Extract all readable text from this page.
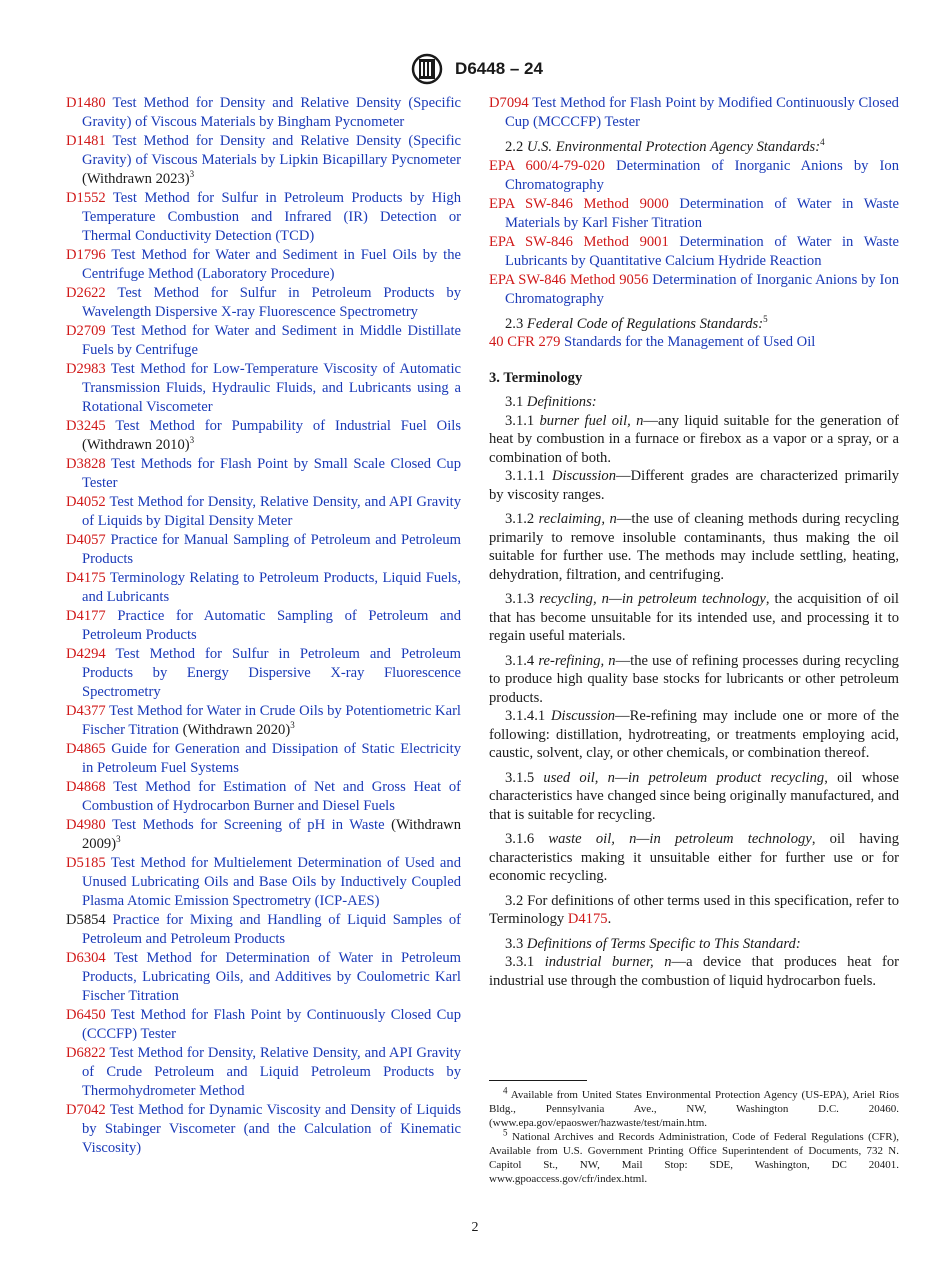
D6448 – 24

D1480 Test Method for Density and Relative Density (Specific Gravity) of Viscous Materials by Bingham Pycnometer

D1481 Test Method for Density and Relative Density (Specific Gravity) of Viscous Materials by Lipkin Bicapillary Pycnometer (Withdrawn 2023)$^3$

D1552 Test Method for Sulfur in Petroleum Products by High Temperature Combustion and Infrared (IR) Detection or Thermal Conductivity Detection (TCD)

D1796 Test Method for Water and Sediment in Fuel Oils by the Centrifuge Method (Laboratory Procedure)

D2622 Test Method for Sulfur in Petroleum Products by Wavelength Dispersive X-ray Fluorescence Spectrometry

D2709 Test Method for Water and Sediment in Middle Distillate Fuels by Centrifuge

D2983 Test Method for Low-Temperature Viscosity of Automatic Transmission Fluids, Hydraulic Fluids, and Lubricants using a Rotational Viscometer

D3245 Test Method for Pumpability of Industrial Fuel Oils (Withdrawn 2010)$^3$

D3828 Test Methods for Flash Point by Small Scale Closed Cup Tester

D4052 Test Method for Density, Relative Density, and API Gravity of Liquids by Digital Density Meter

D4057 Practice for Manual Sampling of Petroleum and Petroleum Products

D4175 Terminology Relating to Petroleum Products, Liquid Fuels, and Lubricants

D4177 Practice for Automatic Sampling of Petroleum and Petroleum Products

D4294 Test Method for Sulfur in Petroleum and Petroleum Products by Energy Dispersive X-ray Fluorescence Spectrometry

D4377 Test Method for Water in Crude Oils by Potentiometric Karl Fischer Titration (Withdrawn 2020)$^3$

D4865 Guide for Generation and Dissipation of Static Electricity in Petroleum Fuel Systems

D4868 Test Method for Estimation of Net and Gross Heat of Combustion of Hydrocarbon Burner and Diesel Fuels

D4980 Test Methods for Screening of pH in Waste (Withdrawn 2009)$^3$

D5185 Test Method for Multielement Determination of Used and Unused Lubricating Oils and Base Oils by Inductively Coupled Plasma Atomic Emission Spectrometry (ICP-AES)

D5854 Practice for Mixing and Handling of Liquid Samples of Petroleum and Petroleum Products

D6304 Test Method for Determination of Water in Petroleum Products, Lubricating Oils, and Additives by Coulometric Karl Fischer Titration

D6450 Test Method for Flash Point by Continuously Closed Cup (CCCFP) Tester

D6822 Test Method for Density, Relative Density, and API Gravity of Crude Petroleum and Liquid Petroleum Products by Thermohydrometer Method

D7042 Test Method for Dynamic Viscosity and Density of Liquids by Stabinger Viscometer (and the Calculation of Kinematic Viscosity)

D7094 Test Method for Flash Point by Modified Continuously Closed Cup (MCCCFP) Tester

2.2 U.S. Environmental Protection Agency Standards:$^4$

EPA 600/4-79-020 Determination of Inorganic Anions by Ion Chromatography

EPA SW-846 Method 9000 Determination of Water in Waste Materials by Karl Fisher Titration

EPA SW-846 Method 9001 Determination of Water in Waste Lubricants by Quantitative Calcium Hydride Reaction

EPA SW-846 Method 9056 Determination of Inorganic Anions by Ion Chromatography

2.3 Federal Code of Regulations Standards:$^5$

40 CFR 279 Standards for the Management of Used Oil

3. Terminology

3.1 Definitions:

3.1.1 burner fuel oil, n—any liquid suitable for the generation of heat by combustion in a furnace or firebox as a vapor or a spray, or a combination of both.

3.1.1.1 Discussion—Different grades are characterized primarily by viscosity ranges.

3.1.2 reclaiming, n—the use of cleaning methods during recycling primarily to remove insoluble contaminants, thus making the oil suitable for further use. The methods may include settling, heating, dehydration, filtration, and centrifuging.

3.1.3 recycling, n—in petroleum technology, the acquisition of oil that has become unsuitable for its intended use, and processing it to regain useful materials.

3.1.4 re-refining, n—the use of refining processes during recycling to produce high quality base stocks for lubricants or other petroleum products.

3.1.4.1 Discussion—Re-refining may include one or more of the following: distillation, hydrotreating, or treatments employing acid, caustic, solvent, clay, or other chemicals, or combination thereof.

3.1.5 used oil, n—in petroleum product recycling, oil whose characteristics have changed since being originally manufactured, and that is suitable for recycling.

3.1.6 waste oil, n—in petroleum technology, oil having characteristics making it unsuitable either for further use or for economic recycling.

3.2 For definitions of other terms used in this specification, refer to Terminology D4175.

3.3 Definitions of Terms Specific to This Standard:

3.3.1 industrial burner, n—a device that produces heat for industrial use through the combustion of liquid hydrocarbon fuels.

$^4$ Available from United States Environmental Protection Agency (US-EPA), Ariel Rios Bldg., Pennsylvania Ave., NW, Washington D.C. 20460. (www.epa.gov/epaoswer/hazwaste/test/main.htm.

$^5$ National Archives and Records Administration, Code of Federal Regulations (CFR), Available from U.S. Government Printing Office Superintendent of Documents, 732 N. Capitol St., NW, Mail Stop: SDE, Washington, DC 20401. www.gpoaccess.gov/cfr/index.html.

2
